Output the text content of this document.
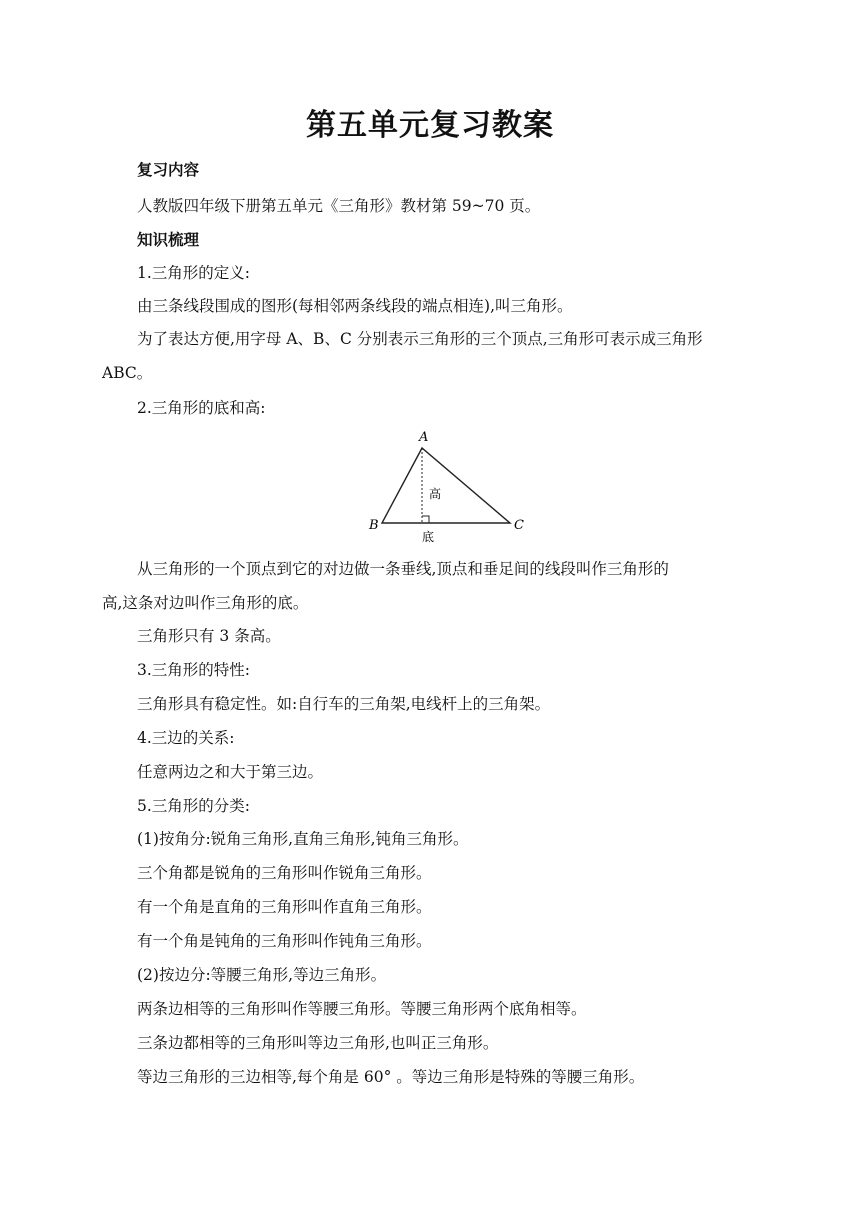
第五单元复习教案
复习内容
人教版四年级下册第五单元《三角形》教材第 59~70 页。
知识梳理
1.三角形的定义:
由三条线段围成的图形(每相邻两条线段的端点相连),叫三角形。
为了表达方便,用字母 A、B、C 分别表示三角形的三个顶点,三角形可表示成三角形
ABC。
2.三角形的底和高:
A
B	C
高
底
从三角形的一个顶点到它的对边做一条垂线,顶点和垂足间的线段叫作三角形的
高,这条对边叫作三角形的底。
三角形只有 3 条高。
3.三角形的特性:
三角形具有稳定性。如:自行车的三角架,电线杆上的三角架。
4.三边的关系:
任意两边之和大于第三边。
5.三角形的分类:
(1)按角分:锐角三角形,直角三角形,钝角三角形。
三个角都是锐角的三角形叫作锐角三角形。
有一个角是直角的三角形叫作直角三角形。
有一个角是钝角的三角形叫作钝角三角形。
(2)按边分:等腰三角形,等边三角形。
两条边相等的三角形叫作等腰三角形。等腰三角形两个底角相等。
三条边都相等的三角形叫等边三角形,也叫正三角形。
等边三角形的三边相等,每个角是 60° 。等边三角形是特殊的等腰三角形。
